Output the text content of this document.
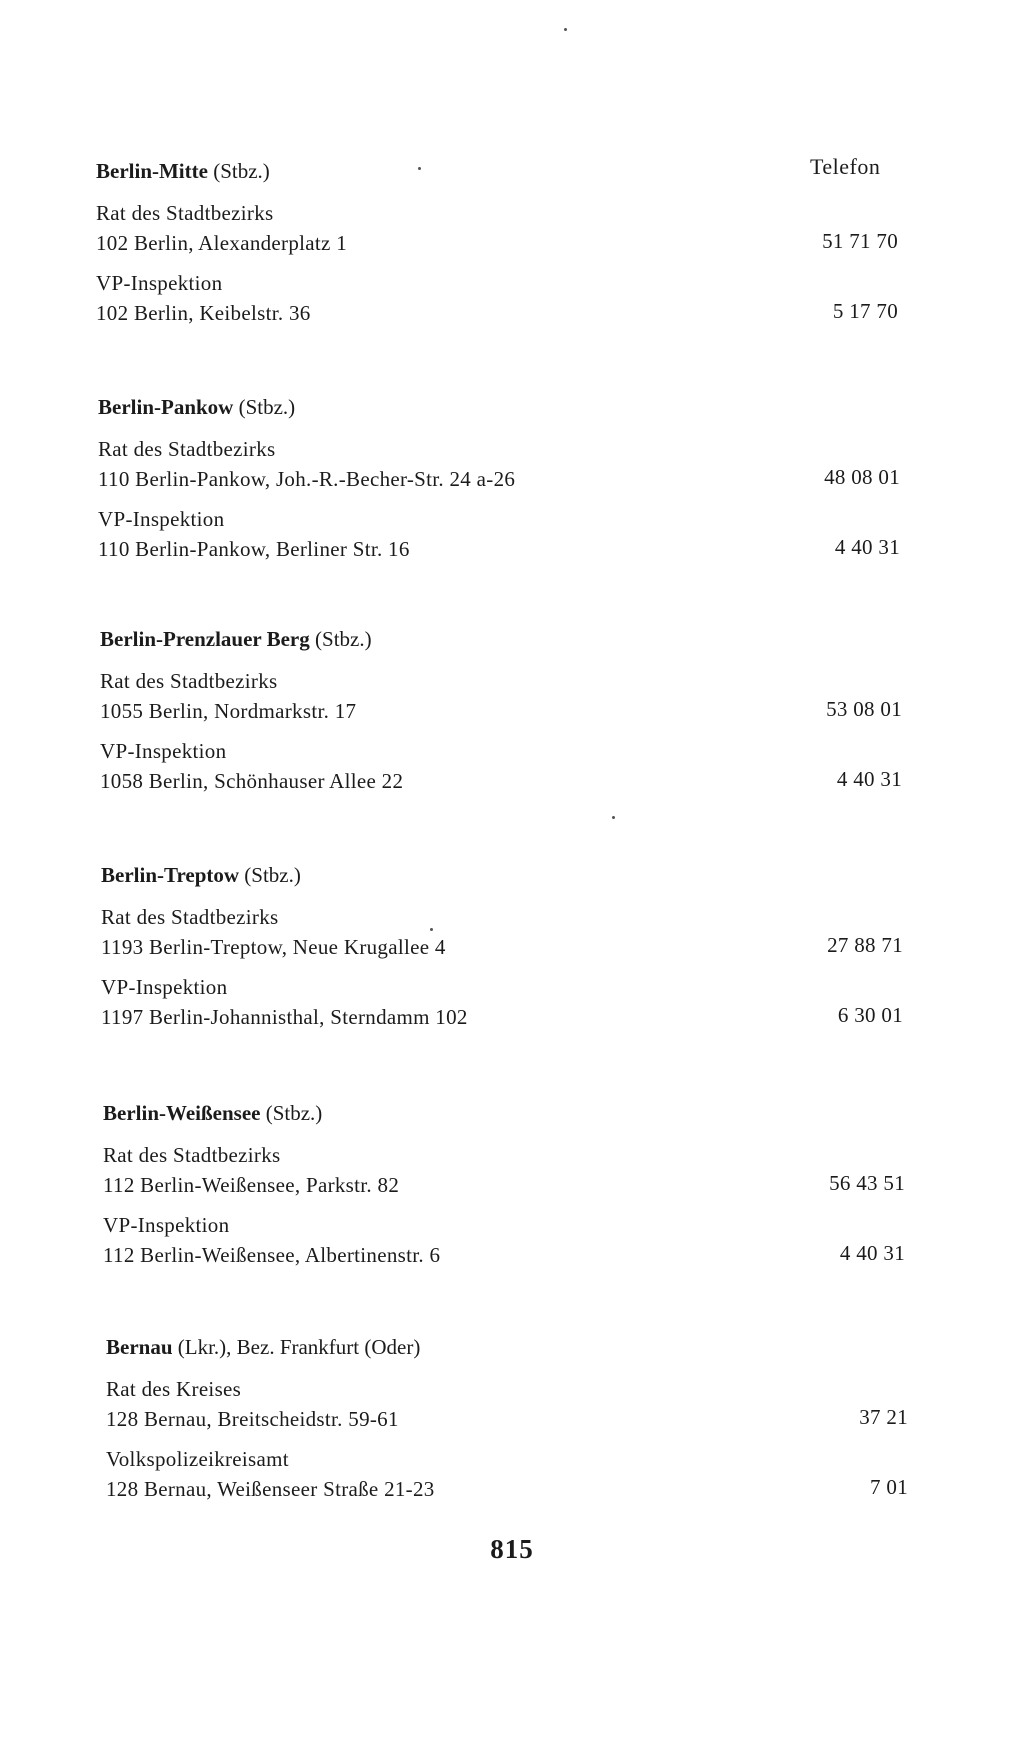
Telefon
Berlin-Mitte (Stbz.)
Rat des Stadtbezirks
102 Berlin, Alexanderplatz 1	51 71 70
VP-Inspektion
102 Berlin, Keibelstr. 36	5 17 70
Berlin-Pankow (Stbz.)
Rat des Stadtbezirks
110 Berlin-Pankow, Joh.-R.-Becher-Str. 24 a-26	48 08 01
VP-Inspektion
110 Berlin-Pankow, Berliner Str. 16	4 40 31
Berlin-Prenzlauer Berg (Stbz.)
Rat des Stadtbezirks
1055 Berlin, Nordmarkstr. 17	53 08 01
VP-Inspektion
1058 Berlin, Schönhauser Allee 22	4 40 31
Berlin-Treptow (Stbz.)
Rat des Stadtbezirks
1193 Berlin-Treptow, Neue Krugallee 4	27 88 71
VP-Inspektion
1197 Berlin-Johannisthal, Sterndamm 102	6 30 01
Berlin-Weißensee (Stbz.)
Rat des Stadtbezirks
112 Berlin-Weißensee, Parkstr. 82	56 43 51
VP-Inspektion
112 Berlin-Weißensee, Albertinenstr. 6	4 40 31
Bernau (Lkr.), Bez. Frankfurt (Oder)
Rat des Kreises
128 Bernau, Breitscheidstr. 59-61	37 21
Volkspolizeikreisamt
128 Bernau, Weißenseer Straße 21-23	7 01
815
